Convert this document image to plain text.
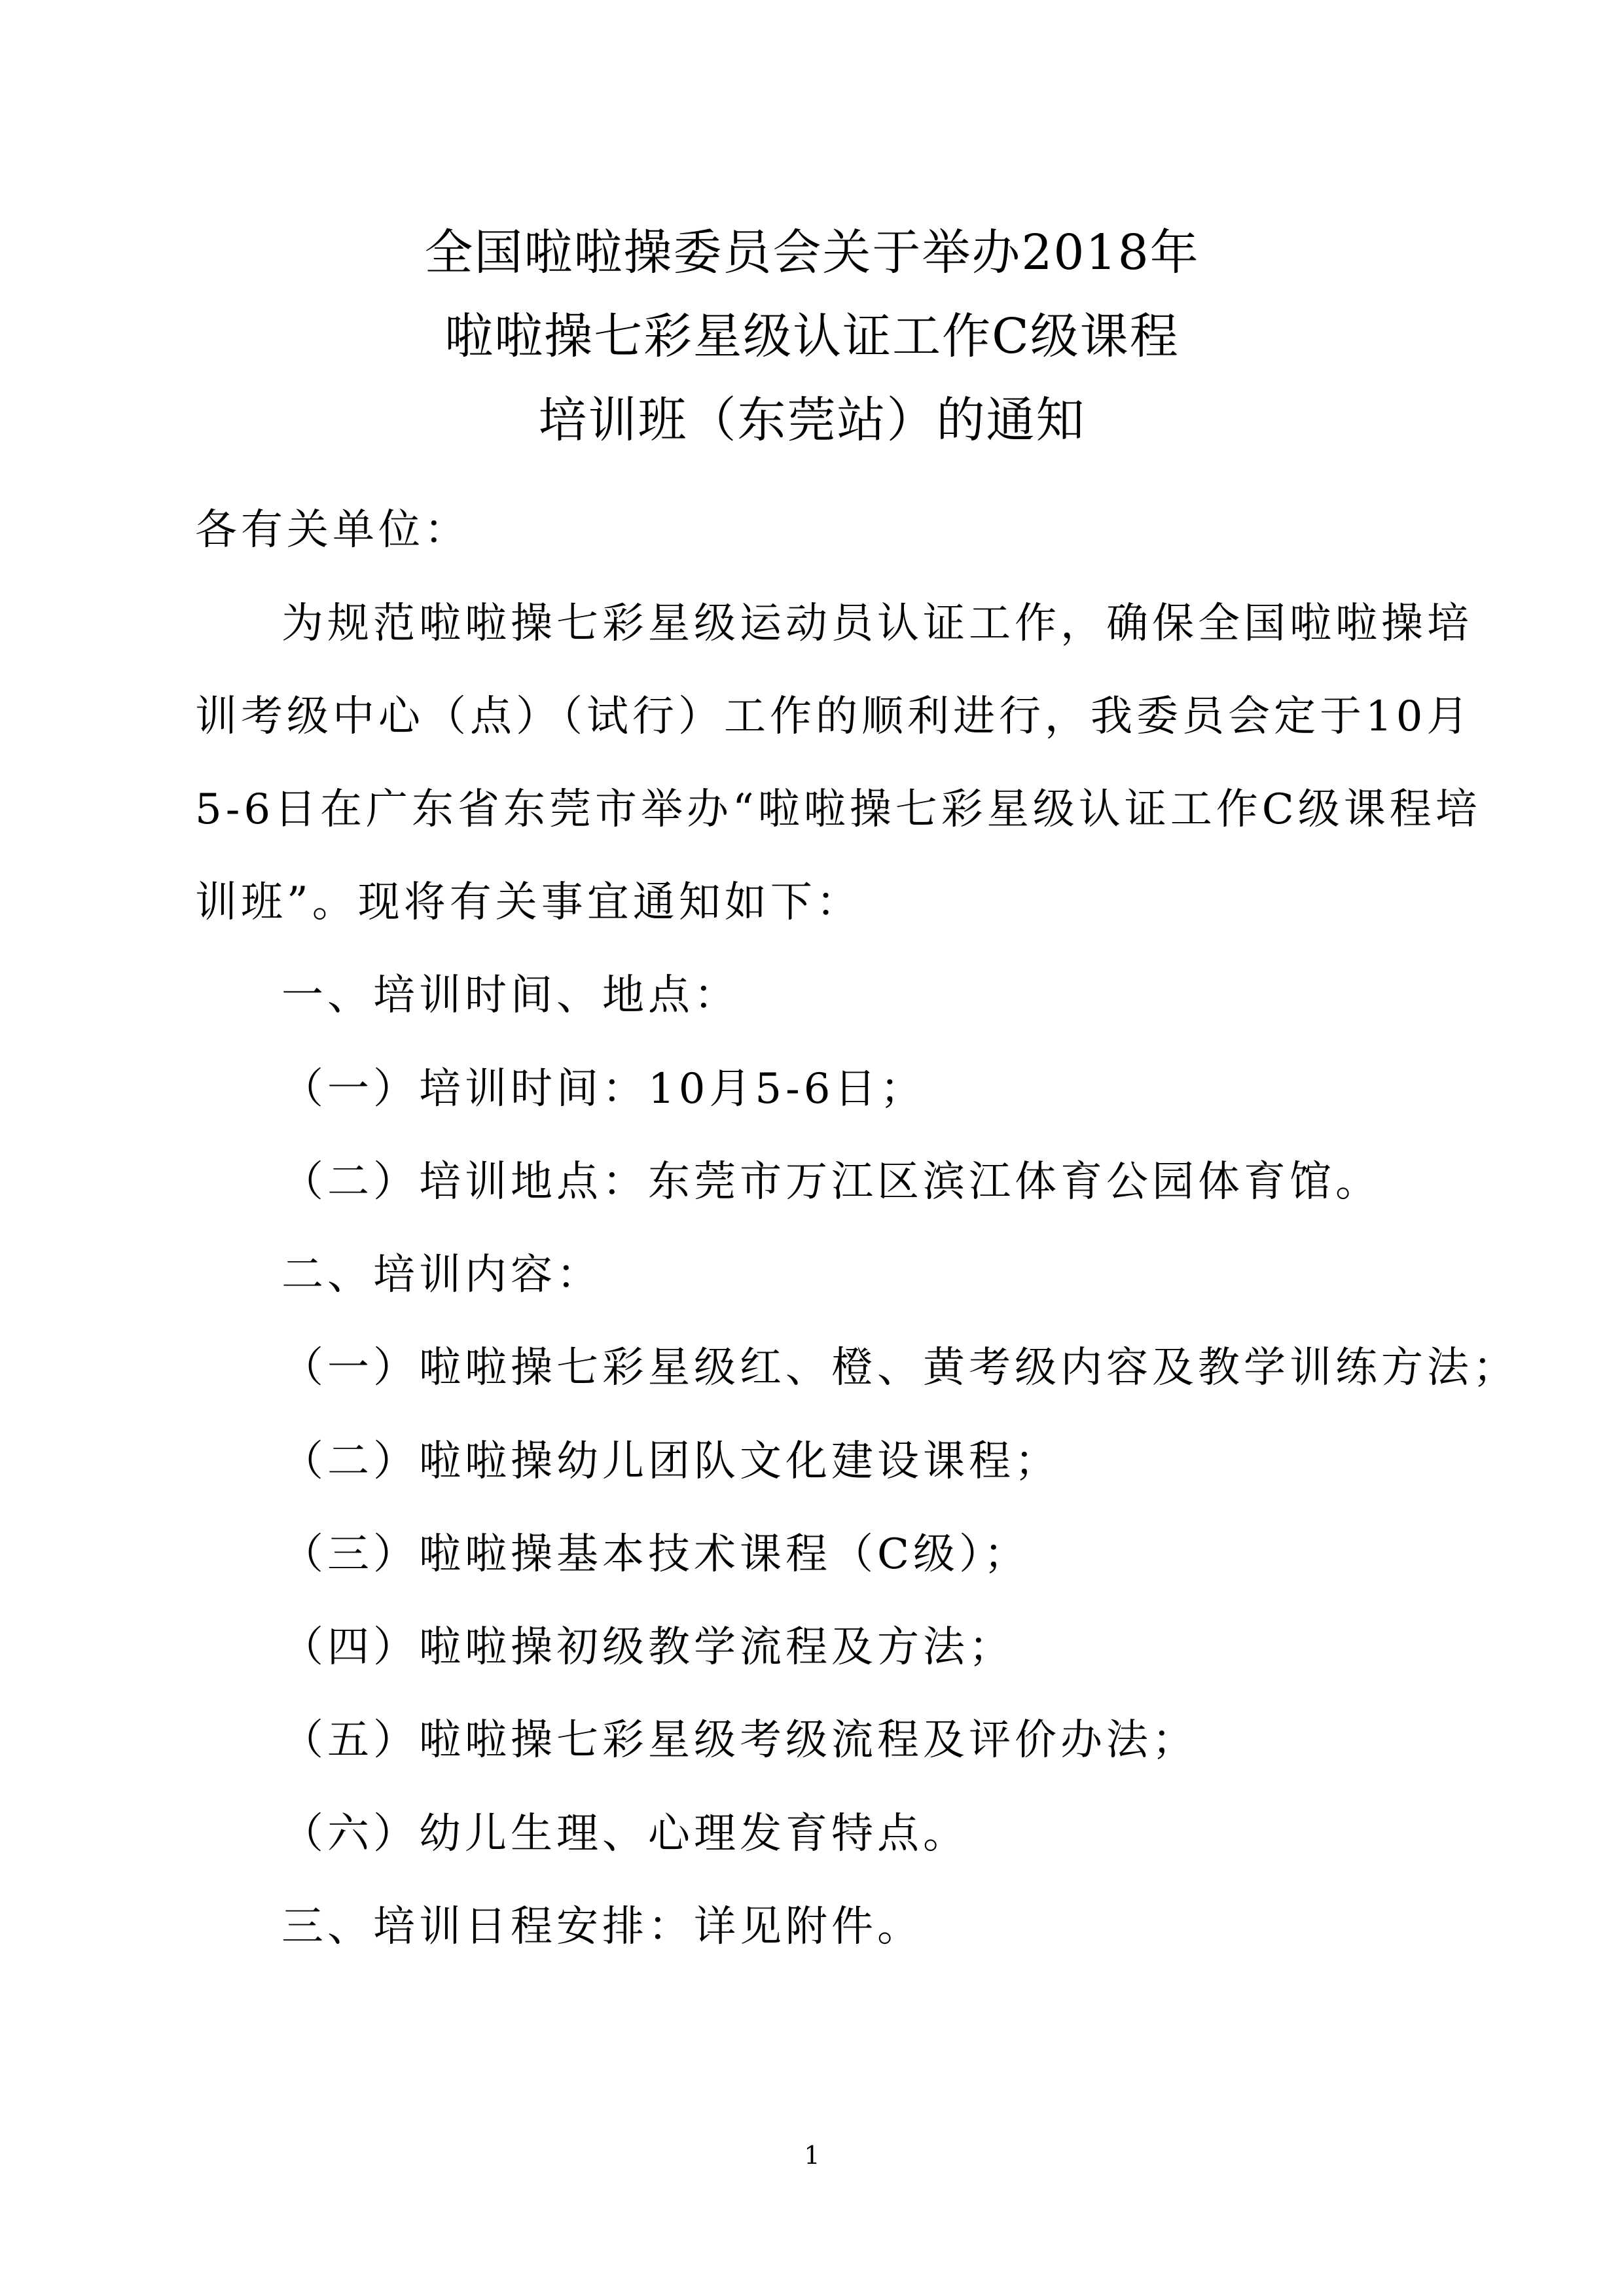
全国啦啦操委员会关于举办2018年
啦啦操七彩星级认证工作C级课程
培训班（东莞站）的通知
各有关单位：
为规范啦啦操七彩星级运动员认证工作，确保全国啦啦操培
训考级中心（点）（试行）工作的顺利进行，我委员会定于10月
5-6日在广东省东莞市举办“啦啦操七彩星级认证工作C级课程培
训班”。现将有关事宜通知如下：
一、培训时间、地点：
（一）培训时间：10月5-6日；
（二）培训地点：东莞市万江区滨江体育公园体育馆。
二、培训内容：
（一）啦啦操七彩星级红、橙、黄考级内容及教学训练方法；
（二）啦啦操幼儿团队文化建设课程；
（三）啦啦操基本技术课程（C级）；
（四）啦啦操初级教学流程及方法；
（五）啦啦操七彩星级考级流程及评价办法；
（六）幼儿生理、心理发育特点。
三、培训日程安排：详见附件。
1
